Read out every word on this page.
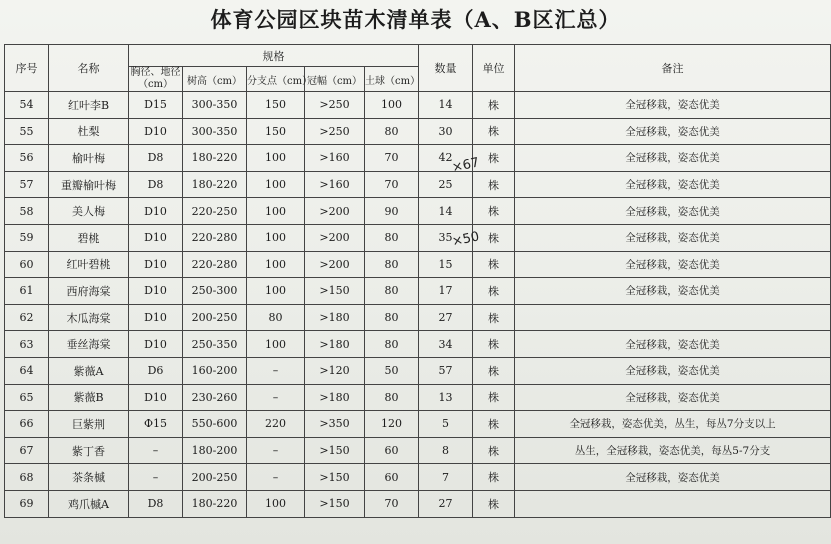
体育公园区块苗木清单表（A、B区汇总）
序号	名称	规格					数量	单位	备注
		胸径、地径（cm）	树高（cm）	分支点（cm）	冠幅（cm）	土球（cm）			
54	红叶李B	D15	300-350	150	>250	100	14	株	全冠移栽，姿态优美
55	杜梨	D10	300-350	150	>250	80	30	株	全冠移栽，姿态优美
56	榆叶梅	D8	180-220	100	>160	70	42	株	全冠移栽，姿态优美
57	重瓣榆叶梅	D8	180-220	100	>160	70	25	株	全冠移栽，姿态优美
58	美人梅	D10	220-250	100	>200	90	14	株	全冠移栽，姿态优美
59	碧桃	D10	220-280	100	>200	80	35	株	全冠移栽，姿态优美
60	红叶碧桃	D10	220-280	100	>200	80	15	株	全冠移栽，姿态优美
61	西府海棠	D10	250-300	100	>150	80	17	株	全冠移栽，姿态优美
62	木瓜海棠	D10	200-250	80	>180	80	27	株	
63	垂丝海棠	D10	250-350	100	>180	80	34	株	全冠移栽，姿态优美
64	紫薇A	D6	160-200	–	>120	50	57	株	全冠移栽，姿态优美
65	紫薇B	D10	230-260	–	>180	80	13	株	全冠移栽，姿态优美
66	巨紫荆	Φ15	550-600	220	>350	120	5	株	全冠移栽，姿态优美，丛生，每丛7分支以上
67	紫丁香	–	180-200	–	>150	60	8	株	丛生，全冠移栽，姿态优美，每丛5-7分支
68	茶条槭	–	200-250	–	>150	60	7	株	全冠移栽，姿态优美
69	鸡爪槭A	D8	180-220	100	>150	70	27	株	
×67
×50
